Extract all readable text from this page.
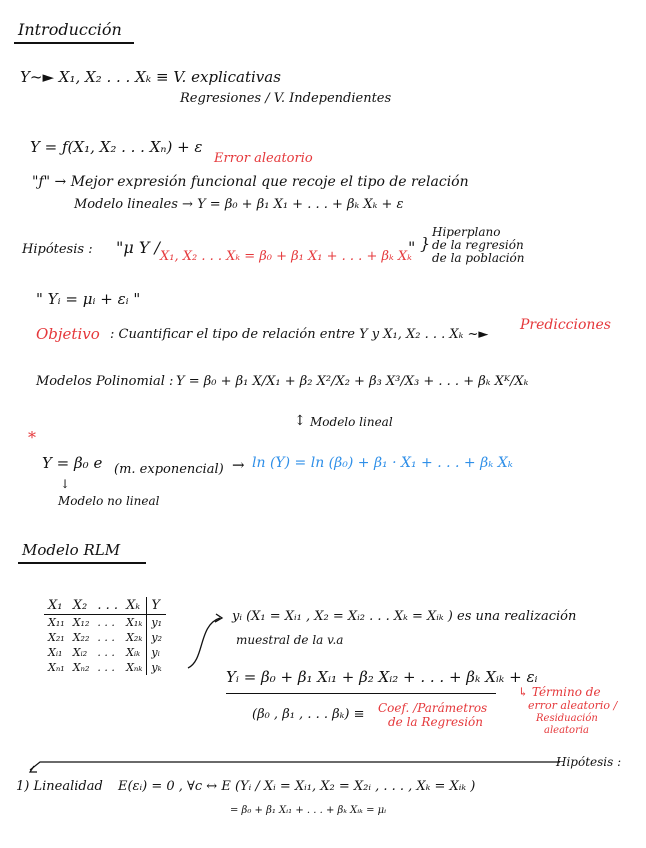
Introducción
Y~► X₁, X₂ . . . Xₖ ≡ V. explicativas
Regresiones / V. Independientes
Y = ƒ(X₁, X₂ . . . Xₙ) + ε
Error aleatorio
"ƒ" → Mejor expresión funcional que recoje el tipo de relación
Modelo lineales → Y = β₀ + β₁ X₁ + . . . + βₖ Xₖ + ε
Hipótesis : "μ Y / X₁, X₂ . . . Xₖ = β₀ + β₁ X₁ + . . . + βₖ Xₖ
" }
Hiperplano
de la regresión
de la población
" Yᵢ = μᵢ + εᵢ "
Objetivo : Cuantificar el tipo de relación entre Y y X₁, X₂ . . . Xₖ ~►
Predicciones
Modelos Polinomial : Y = β₀ + β₁ X/X₁ + β₂ X²/X₂ + β₃ X³/X₃ + . . . + βₖ Xᴷ/Xₖ
↕ Modelo lineal
*
Y = β₀ e (m. exponencial) → ln (Y) = ln (β₀) + β₁ · X₁ + . . . + βₖ Xₖ
↓
Modelo no lineal
Modelo RLM
X₁	X₂	. . .	Xₖ	Y
X₁₁	X₁₂	. . .	X₁ₖ	y₁
X₂₁	X₂₂	. . .	X₂ₖ	y₂
Xᵢ₁	Xᵢ₂	. . .	Xᵢₖ	yᵢ
Xₙ₁	Xₙ₂	. . .	Xₙₖ	yₖ
yᵢ (X₁ = Xᵢ₁ , X₂ = Xᵢ₂ . . . Xₖ = Xᵢₖ ) es una realización
muestral de la v.a
Yᵢ = β₀ + β₁ Xᵢ₁ + β₂ Xᵢ₂ + . . . + βₖ Xᵢₖ + εᵢ
↳ Término de
error aleatorio /
Residuación
aleatoria
(β₀ , β₁ , . . . βₖ) ≡ Coef. /Parámetros
de la Regresión
Hipótesis :
1) Linealidad E(εᵢ) = 0 , ∀c ↔ E (Yᵢ / Xᵢ = Xᵢ₁, X₂ = X₂ᵢ , . . . , Xₖ = Xᵢₖ )
= β₀ + β₁ Xᵢ₁ + . . . + βₖ Xᵢₖ = μᵢ
